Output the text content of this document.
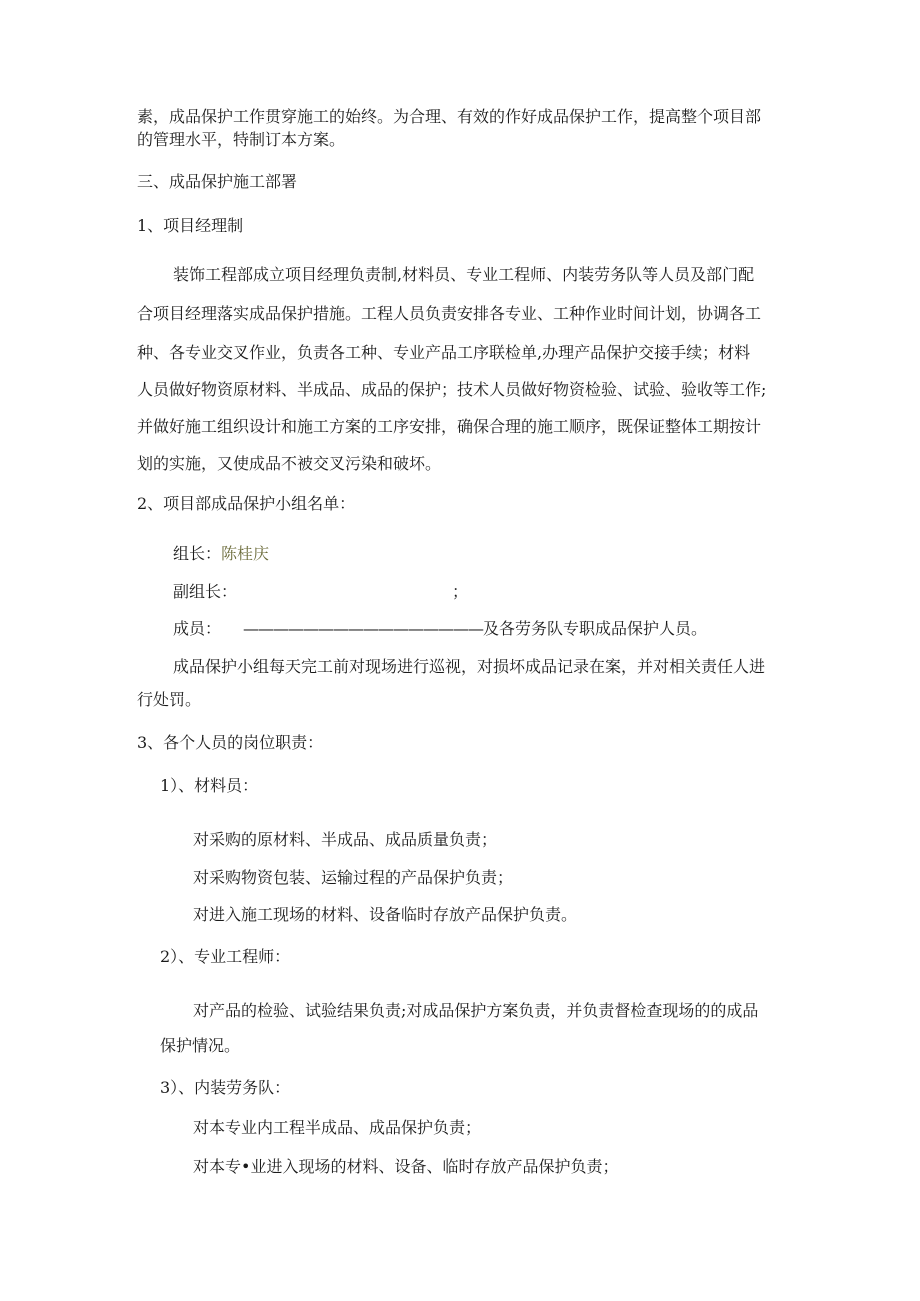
素，成品保护工作贯穿施工的始终。为合理、有效的作好成品保护工作，提高整个项目部
的管理水平，特制订本方案。
三、成品保护施工部署
1、项目经理制
装饰工程部成立项目经理负责制,材料员、专业工程师、内装劳务队等人员及部门配
合项目经理落实成品保护措施。工程人员负责安排各专业、工种作业时间计划，协调各工
种、各专业交叉作业，负责各工种、专业产品工序联检单,办理产品保护交接手续；材料
人员做好物资原材料、半成品、成品的保护；技术人员做好物资检验、试验、验收等工作;
并做好施工组织设计和施工方案的工序安排，确保合理的施工顺序，既保证整体工期按计
划的实施，又使成品不被交叉污染和破坏。
2、项目部成品保护小组名单：
组长：陈桂庆
副组长：	；
成员： ————————————————及各劳务队专职成品保护人员。
成品保护小组每天完工前对现场进行巡视，对损坏成品记录在案，并对相关责任人进
行处罚。
3、各个人员的岗位职责：
1）、材料员：
对采购的原材料、半成品、成品质量负责；
对采购物资包装、运输过程的产品保护负责；
对进入施工现场的材料、设备临时存放产品保护负责。
2）、专业工程师：
对产品的检验、试验结果负责;对成品保护方案负责，并负责督检查现场的的成品
保护情况。
3）、内装劳务队：
对本专业内工程半成品、成品保护负责；
对本专•业进入现场的材料、设备、临时存放产品保护负责；
